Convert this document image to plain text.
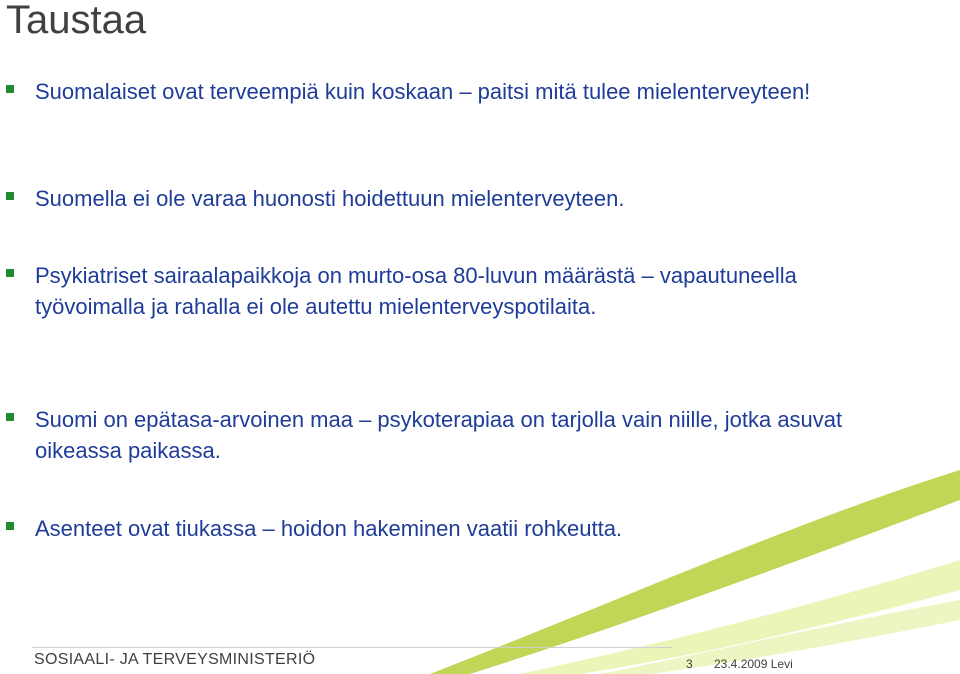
Taustaa
Suomalaiset ovat terveempiä kuin koskaan – paitsi mitä tulee mielenterveyteen!
Suomella ei ole varaa huonosti hoidettuun mielenterveyteen.
Psykiatriset sairaalapaikkoja on murto-osa 80-luvun määrästä – vapautuneella työvoimalla ja rahalla ei ole autettu mielenterveyspotilaita.
Suomi on epätasa-arvoinen maa – psykoterapiaa on tarjolla vain niille, jotka asuvat oikeassa paikassa.
Asenteet ovat tiukassa – hoidon hakeminen vaatii rohkeutta.
SOSIAALI- JA TERVEYSMINISTERIÖ	3 23.4.2009 Levi
